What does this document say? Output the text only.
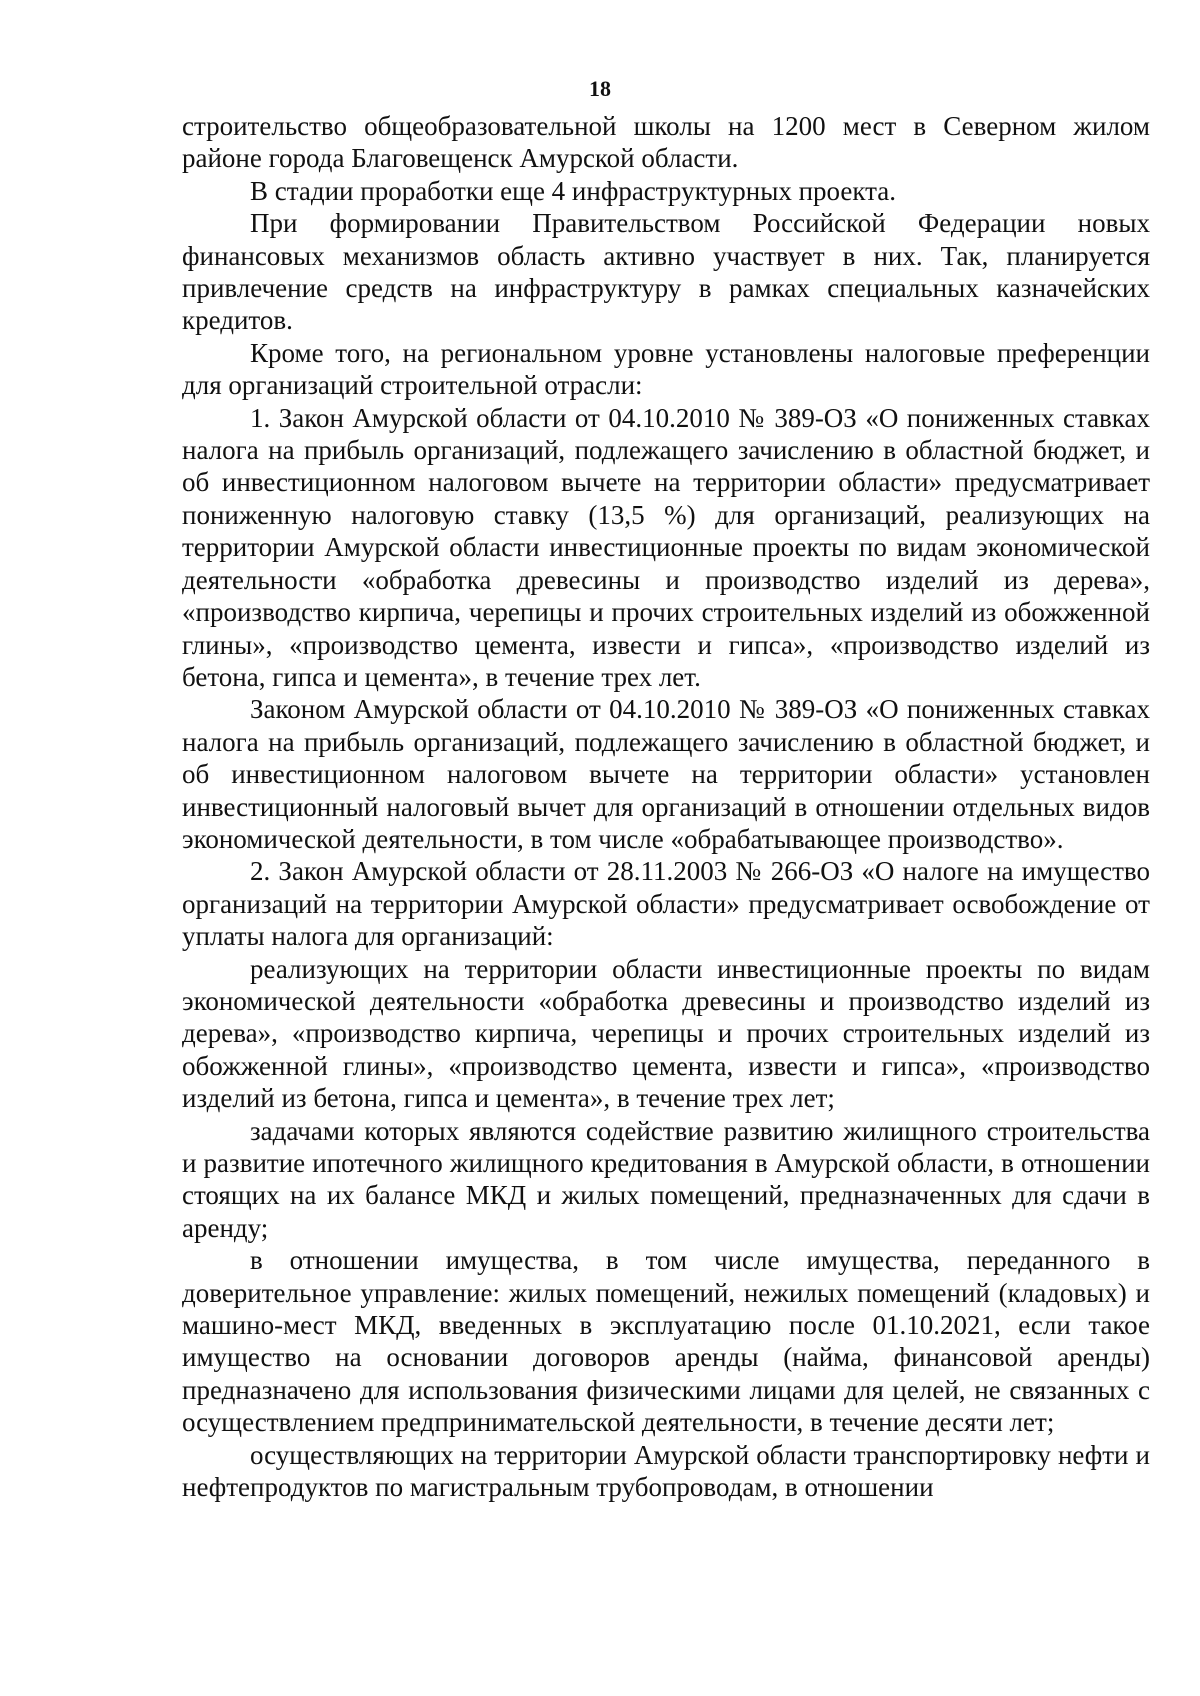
18

строительство общеобразовательной школы на 1200 мест в Северном жилом районе города Благовещенск Амурской области.

В стадии проработки еще 4 инфраструктурных проекта.

При формировании Правительством Российской Федерации новых финансовых механизмов область активно участвует в них. Так, планируется привлечение средств на инфраструктуру в рамках специальных казначейских кредитов.

Кроме того, на региональном уровне установлены налоговые преференции для организаций строительной отрасли:

1. Закон Амурской области от 04.10.2010 № 389-ОЗ «О пониженных ставках налога на прибыль организаций, подлежащего зачислению в областной бюджет, и об инвестиционном налоговом вычете на территории области» предусматривает пониженную налоговую ставку (13,5 %) для организаций, реализующих на территории Амурской области инвестиционные проекты по видам экономической деятельности «обработка древесины и производство изделий из дерева», «производство кирпича, черепицы и прочих строительных изделий из обожженной глины», «производство цемента, извести и гипса», «производство изделий из бетона, гипса и цемента», в течение трех лет.

Законом Амурской области от 04.10.2010 № 389-ОЗ «О пониженных ставках налога на прибыль организаций, подлежащего зачислению в областной бюджет, и об инвестиционном налоговом вычете на территории области» установлен инвестиционный налоговый вычет для организаций в отношении отдельных видов экономической деятельности, в том числе «обрабатывающее производство».

2. Закон Амурской области от 28.11.2003 № 266-ОЗ «О налоге на имущество организаций на территории Амурской области» предусматривает освобождение от уплаты налога для организаций:

реализующих на территории области инвестиционные проекты по видам экономической деятельности «обработка древесины и производство изделий из дерева», «производство кирпича, черепицы и прочих строительных изделий из обожженной глины», «производство цемента, извести и гипса», «производство изделий из бетона, гипса и цемента», в течение трех лет;

задачами которых являются содействие развитию жилищного строительства и развитие ипотечного жилищного кредитования в Амурской области, в отношении стоящих на их балансе МКД и жилых помещений, предназначенных для сдачи в аренду;

в отношении имущества, в том числе имущества, переданного в доверительное управление: жилых помещений, нежилых помещений (кладовых) и машино-мест МКД, введенных в эксплуатацию после 01.10.2021, если такое имущество на основании договоров аренды (найма, финансовой аренды) предназначено для использования физическими лицами для целей, не связанных с осуществлением предпринимательской деятельности, в течение десяти лет;

осуществляющих на территории Амурской области транспортировку нефти и нефтепродуктов по магистральным трубопроводам, в отношении
